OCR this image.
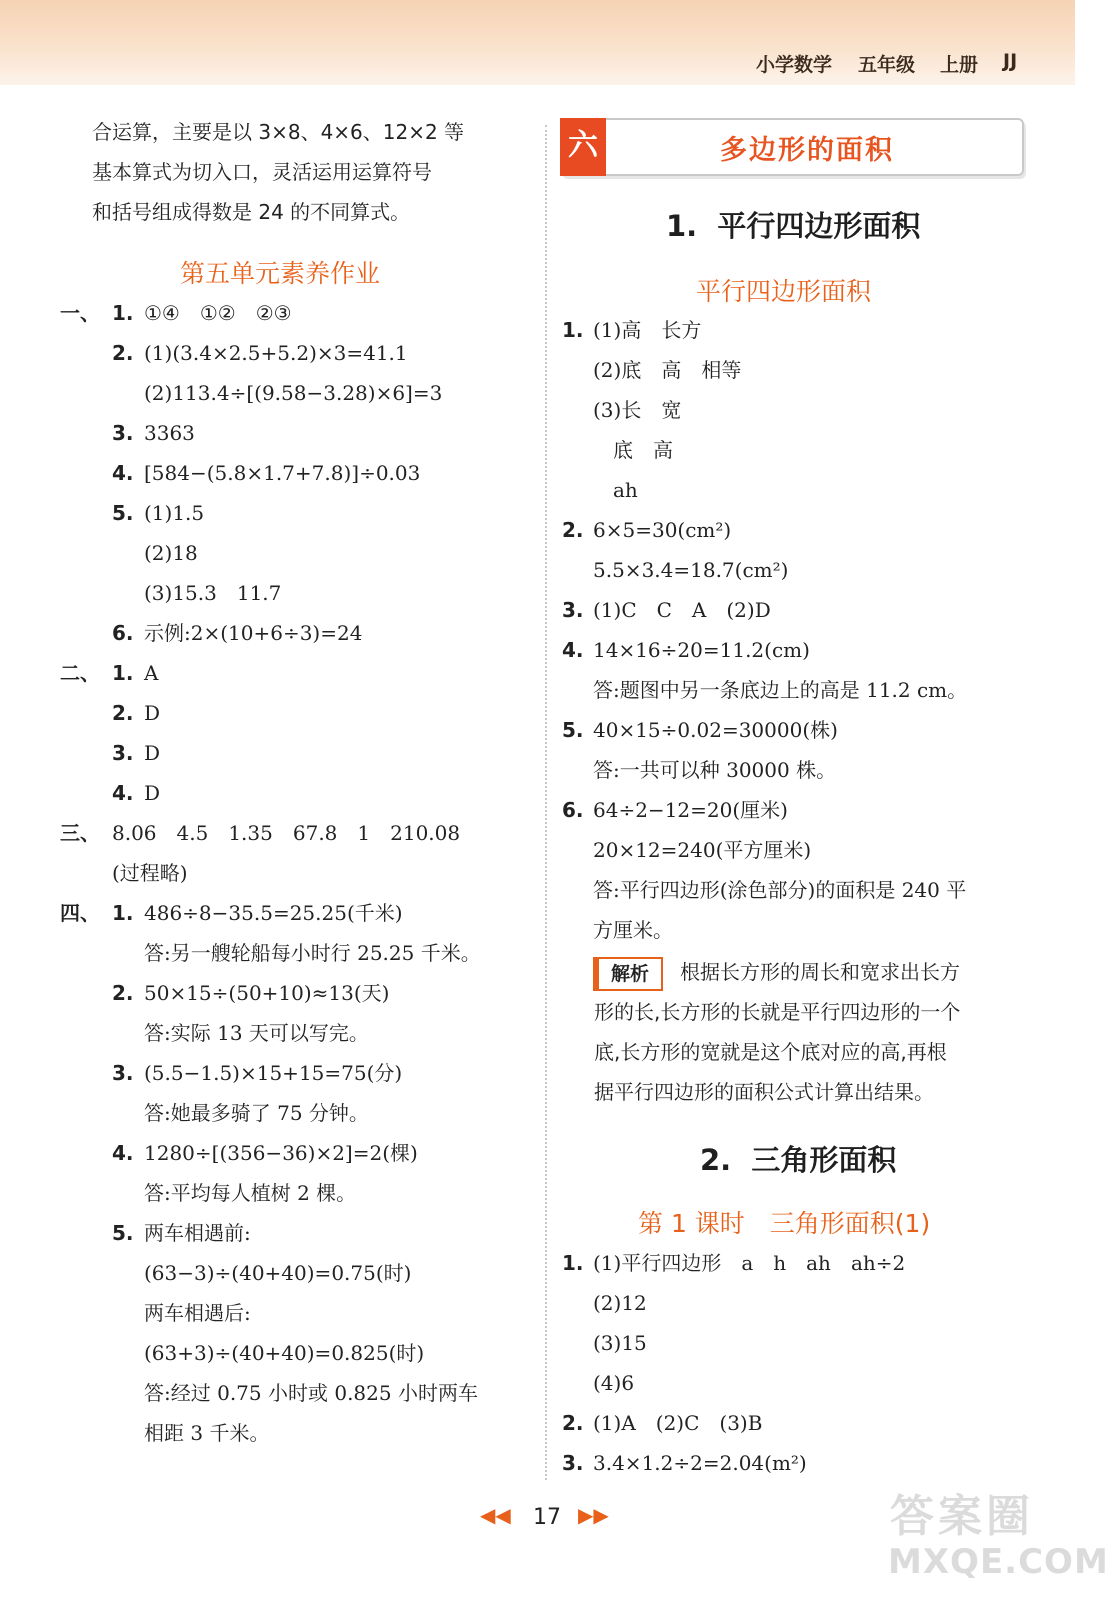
小学数学 五年级 上册 JJ
合运算，主要是以 3×8、4×6、12×2 等
基本算式为切入口，灵活运用运算符号
和括号组成得数是 24 的不同算式。
第五单元素养作业
一、 1. ①④　①②　②③
2. (1)(3.4×2.5+5.2)×3=41.1
(2)113.4÷[(9.58−3.28)×6]=3
3. 3363
4. [584−(5.8×1.7+7.8)]÷0.03
5. (1)1.5
(2)18
(3)15.3　11.7
6. 示例:2×(10+6÷3)=24
二、 1. A
2. D
3. D
4. D
三、 8.06　4.5　1.35　67.8　1　210.08
(过程略)
四、 1. 486÷8−35.5=25.25(千米)
答:另一艘轮船每小时行 25.25 千米。
2. 50×15÷(50+10)≈13(天)
答:实际 13 天可以写完。
3. (5.5−1.5)×15+15=75(分)
答:她最多骑了 75 分钟。
4. 1280÷[(356−36)×2]=2(棵)
答:平均每人植树 2 棵。
5. 两车相遇前:
(63−3)÷(40+40)=0.75(时)
两车相遇后:
(63+3)÷(40+40)=0.825(时)
答:经过 0.75 小时或 0.825 小时两车
相距 3 千米。
六	多边形的面积
1.  平行四边形面积
平行四边形面积
1. (1)高　长方
(2)底　高　相等
(3)长　宽
　底　高
　ah
2. 6×5=30(cm²)
5.5×3.4=18.7(cm²)
3. (1)C　C　A　(2)D
4. 14×16÷20=11.2(cm)
答:题图中另一条底边上的高是 11.2 cm。
5. 40×15÷0.02=30000(株)
答:一共可以种 30000 株。
6. 64÷2−12=20(厘米)
20×12=240(平方厘米)
答:平行四边形(涂色部分)的面积是 240 平
方厘米。
解析	根据长方形的周长和宽求出长方
形的长,长方形的长就是平行四边形的一个
底,长方形的宽就是这个底对应的高,再根
据平行四边形的面积公式计算出结果。
2.  三角形面积
第 1 课时　三角形面积(1)
1. (1)平行四边形　a　h　ah　ah÷2
(2)12
(3)15
(4)6
2. (1)A　(2)C　(3)B
3. 3.4×1.2÷2=2.04(m²)
◀◀ 17 ▶▶	答案圈
MXQE.COM
